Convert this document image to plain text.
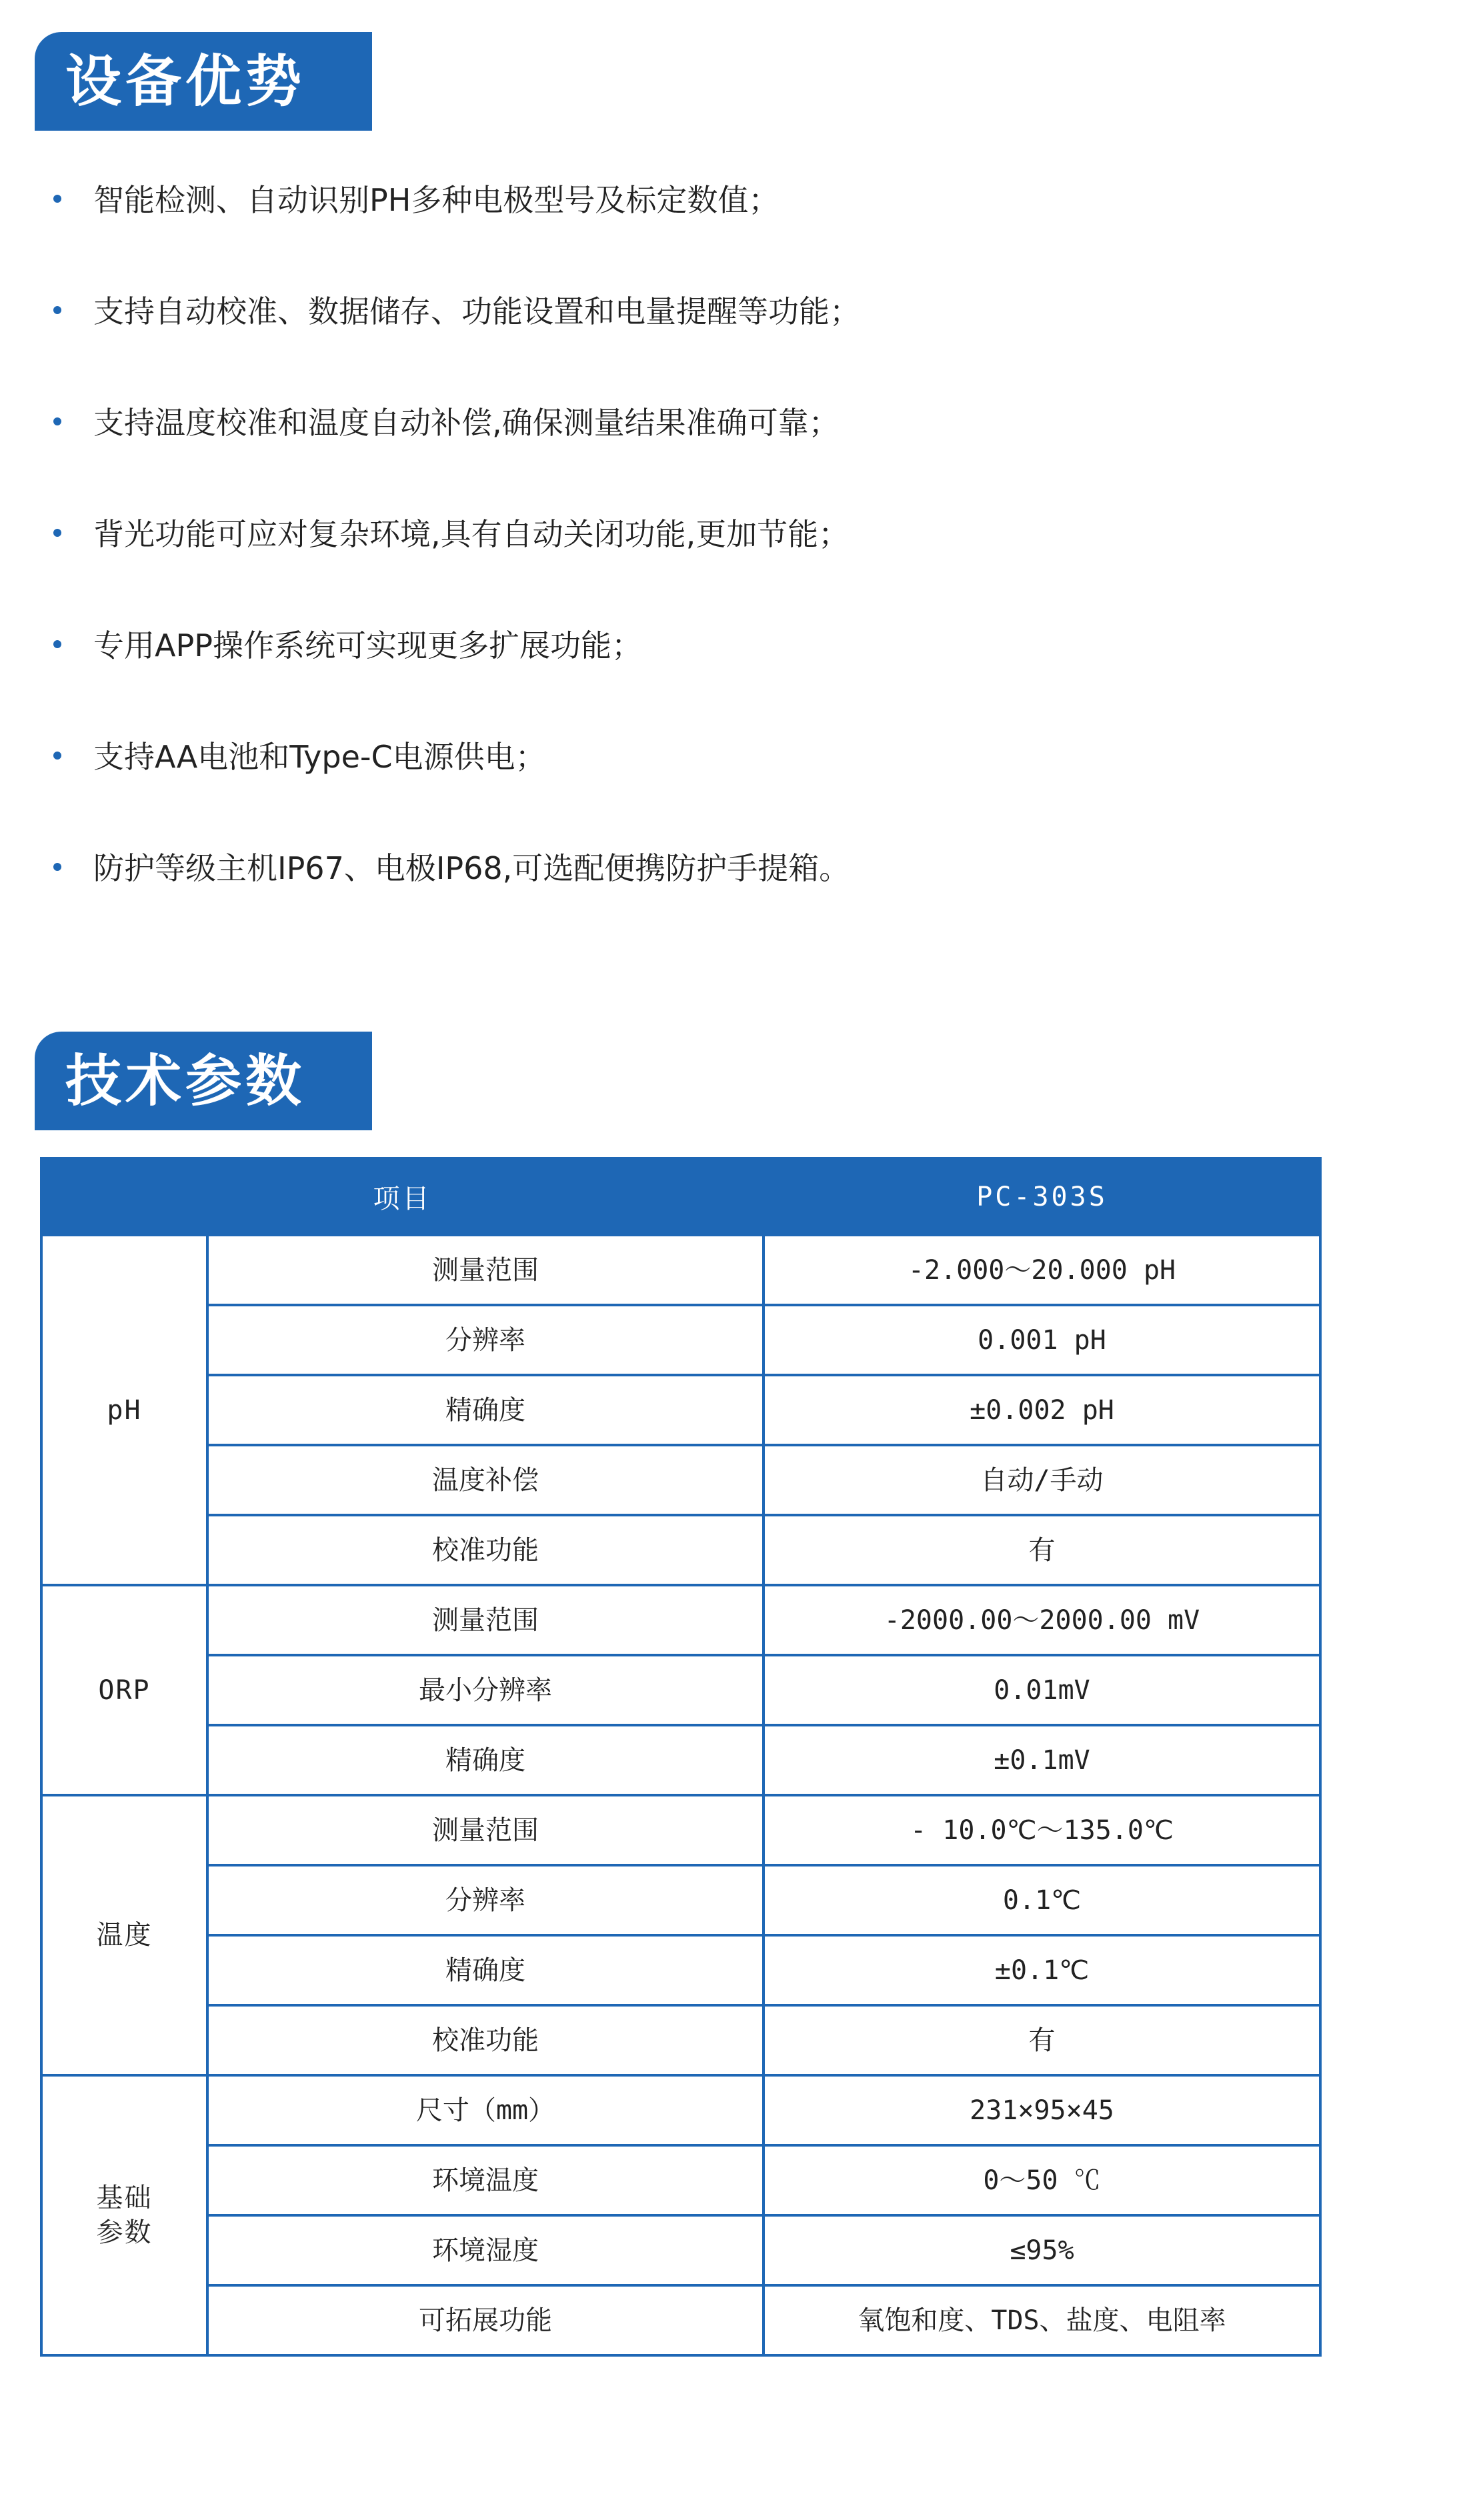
设备优势
智能检测、自动识别PH多种电极型号及标定数值；
支持自动校准、数据储存、功能设置和电量提醒等功能；
支持温度校准和温度自动补偿,确保测量结果准确可靠；
背光功能可应对复杂环境,具有自动关闭功能,更加节能；
专用APP操作系统可实现更多扩展功能；
支持AA电池和Type-C电源供电；
防护等级主机IP67、电极IP68,可选配便携防护手提箱。
技术参数
项目		PC-303S
pH	测量范围	-2.000～20.000 pH
	分辨率	0.001 pH
	精确度	±0.002 pH
	温度补偿	自动/手动
	校准功能	有
ORP	测量范围	-2000.00～2000.00 mV
	最小分辨率	0.01mV
	精确度	±0.1mV
温度	测量范围	- 10.0℃～135.0℃
	分辨率	0.1℃
	精确度	±0.1℃
	校准功能	有

基础
参数	尺寸（mm）	231×95×45
	环境温度	0～50 ℃
	环境湿度	≤95%
	可拓展功能	氧饱和度、TDS、盐度、电阻率
